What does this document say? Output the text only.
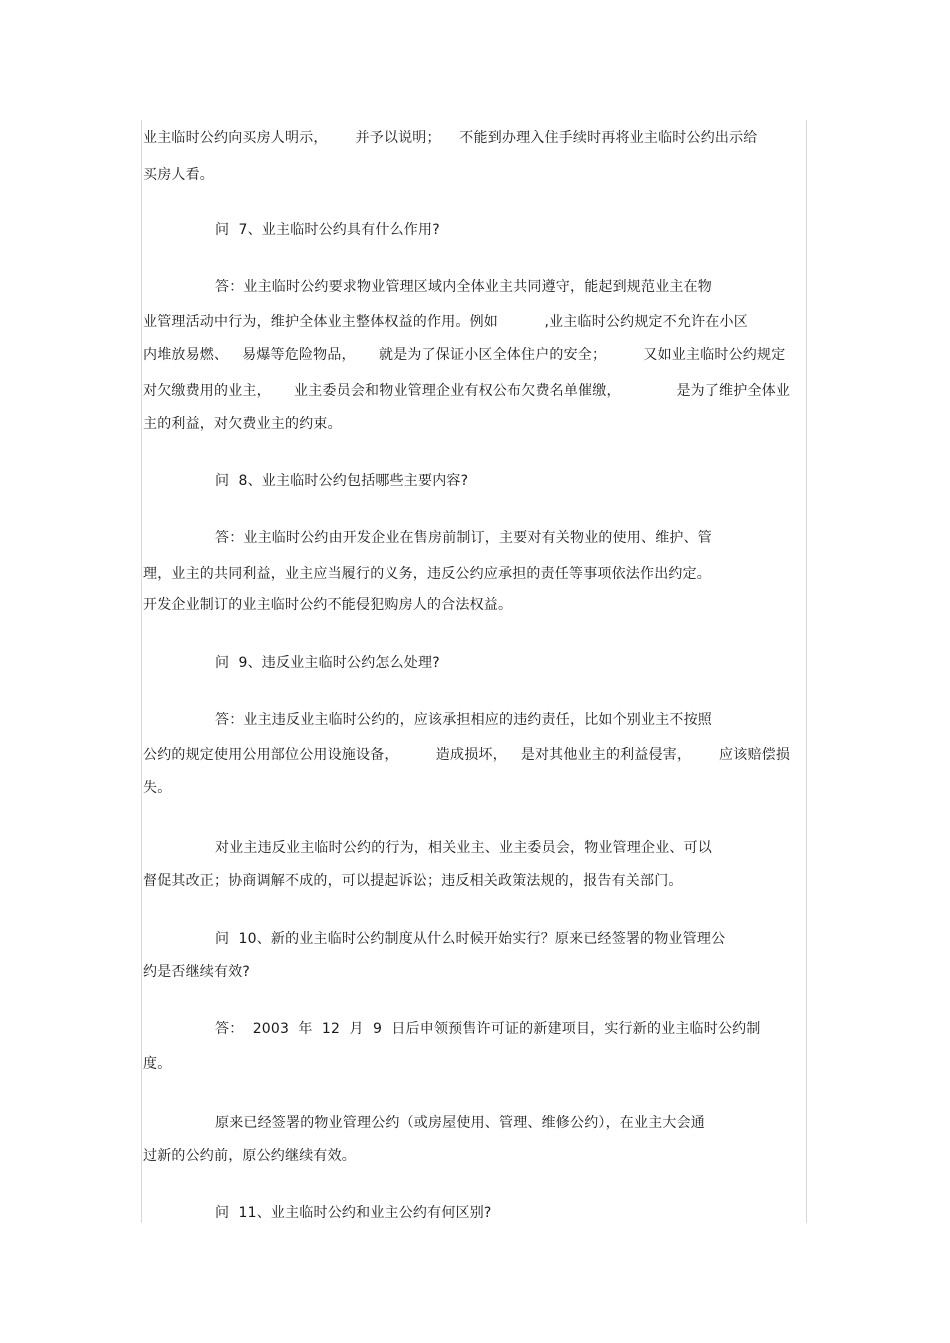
业主临时公约向买房人明示，      并予以说明；    不能到办理入住手续时再将业主临时公约出示给
买房人看。
问  7、业主临时公约具有什么作用?
答：业主临时公约要求物业管理区域内全体业主共同遵守，能起到规范业主在物
业管理活动中行为，维护全体业主整体权益的作用。例如          ,业主临时公约规定不允许在小区
内堆放易燃、   易爆等危险物品，     就是为了保证小区全体住户的安全；        又如业主临时公约规定
对欠缴费用的业主，     业主委员会和物业管理企业有权公布欠费名单催缴，            是为了维护全体业
主的利益，对欠费业主的约束。
问  8、业主临时公约包括哪些主要内容?
答：业主临时公约由开发企业在售房前制订，主要对有关物业的使用、维护、管
理，业主的共同利益，业主应当履行的义务，违反公约应承担的责任等事项依法作出约定。
开发企业制订的业主临时公约不能侵犯购房人的合法权益。
问  9、违反业主临时公约怎么处理?
答：业主违反业主临时公约的，应该承担相应的违约责任，比如个别业主不按照
公约的规定使用公用部位公用设施设备，        造成损坏，   是对其他业主的利益侵害，      应该赔偿损
失。
对业主违反业主临时公约的行为，相关业主、业主委员会，物业管理企业、可以
督促其改正；协商调解不成的，可以提起诉讼；违反相关政策法规的，报告有关部门。
问  10、新的业主临时公约制度从什么时候开始实行？原来已经签署的物业管理公
约是否继续有效?
答：  2003  年  12  月  9  日后申领预售许可证的新建项目，实行新的业主临时公约制
度。
原来已经签署的物业管理公约（或房屋使用、管理、维修公约），在业主大会通
过新的公约前，原公约继续有效。
问  11、业主临时公约和业主公约有何区别?
